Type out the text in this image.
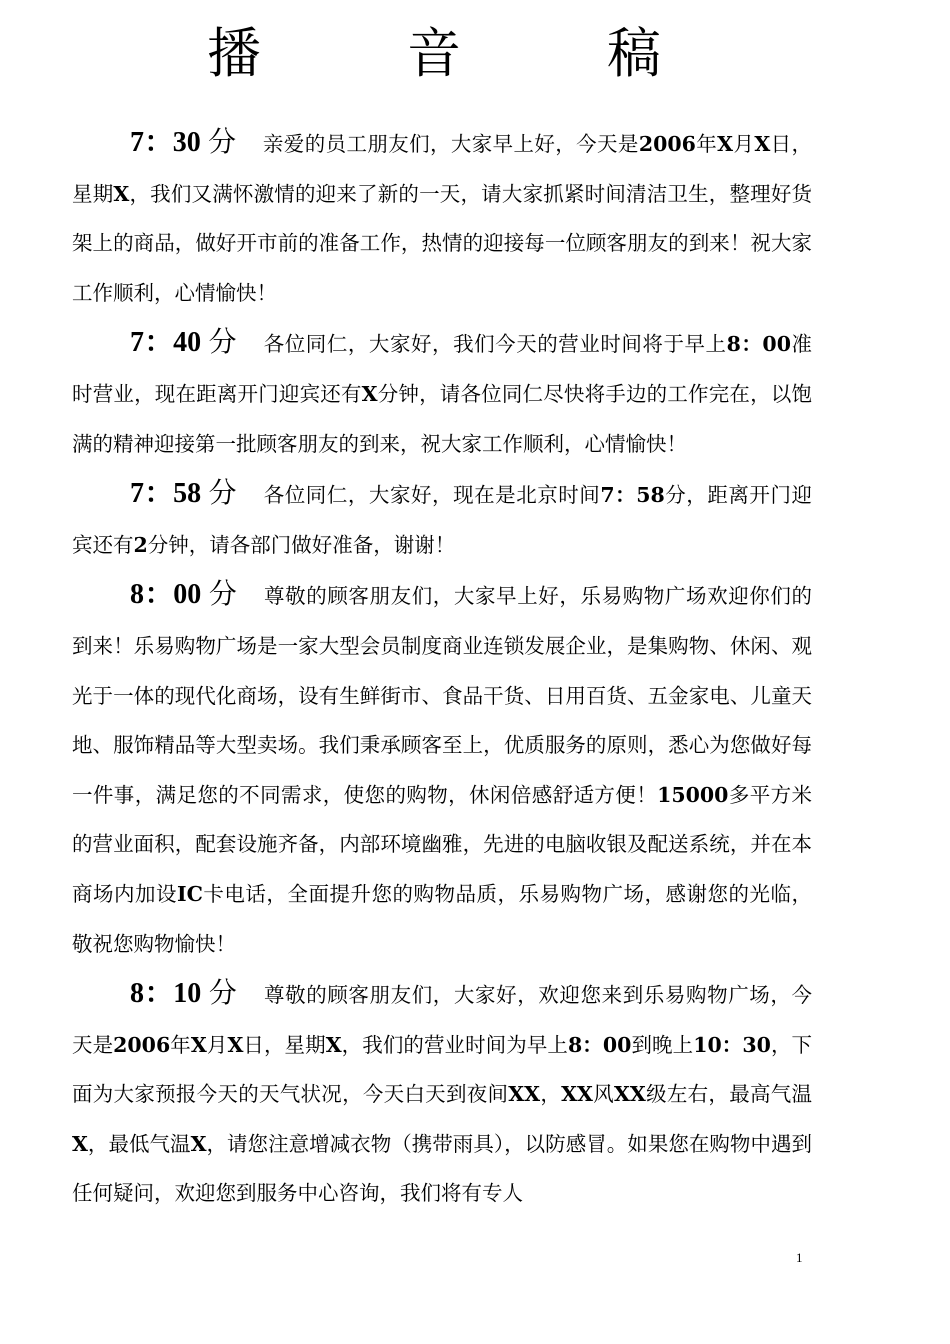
播	音	稿

7：30 分 亲爱的员工朋友们，大家早上好，今天是2006年X月X日，星期X，我们又满怀激情的迎来了新的一天，请大家抓紧时间清洁卫生，整理好货架上的商品，做好开市前的准备工作，热情的迎接每一位顾客朋友的到来！祝大家工作顺利，心情愉快！

7：40 分 各位同仁，大家好，我们今天的营业时间将于早上8：00准时营业，现在距离开门迎宾还有X分钟，请各位同仁尽快将手边的工作完在，以饱满的精神迎接第一批顾客朋友的到来，祝大家工作顺利，心情愉快！

7：58 分 各位同仁，大家好，现在是北京时间7：58分，距离开门迎宾还有2分钟，请各部门做好准备，谢谢！

8：00 分 尊敬的顾客朋友们，大家早上好，乐易购物广场欢迎你们的到来！乐易购物广场是一家大型会员制度商业连锁发展企业，是集购物、休闲、观光于一体的现代化商场，设有生鲜街市、食品干货、日用百货、五金家电、儿童天地、服饰精品等大型卖场。我们秉承顾客至上，优质服务的原则，悉心为您做好每一件事，满足您的不同需求，使您的购物，休闲倍感舒适方便！15000多平方米的营业面积，配套设施齐备，内部环境幽雅，先进的电脑收银及配送系统，并在本商场内加设IC卡电话，全面提升您的购物品质，乐易购物广场，感谢您的光临，敬祝您购物愉快！

8：10 分 尊敬的顾客朋友们，大家好，欢迎您来到乐易购物广场，今天是2006年X月X日，星期X，我们的营业时间为早上8：00到晚上10：30，下面为大家预报今天的天气状况，今天白天到夜间XX，XX风XX级左右，最高气温X，最低气温X，请您注意增减衣物（携带雨具），以防感冒。如果您在购物中遇到任何疑问，欢迎您到服务中心咨询，我们将有专人

1
